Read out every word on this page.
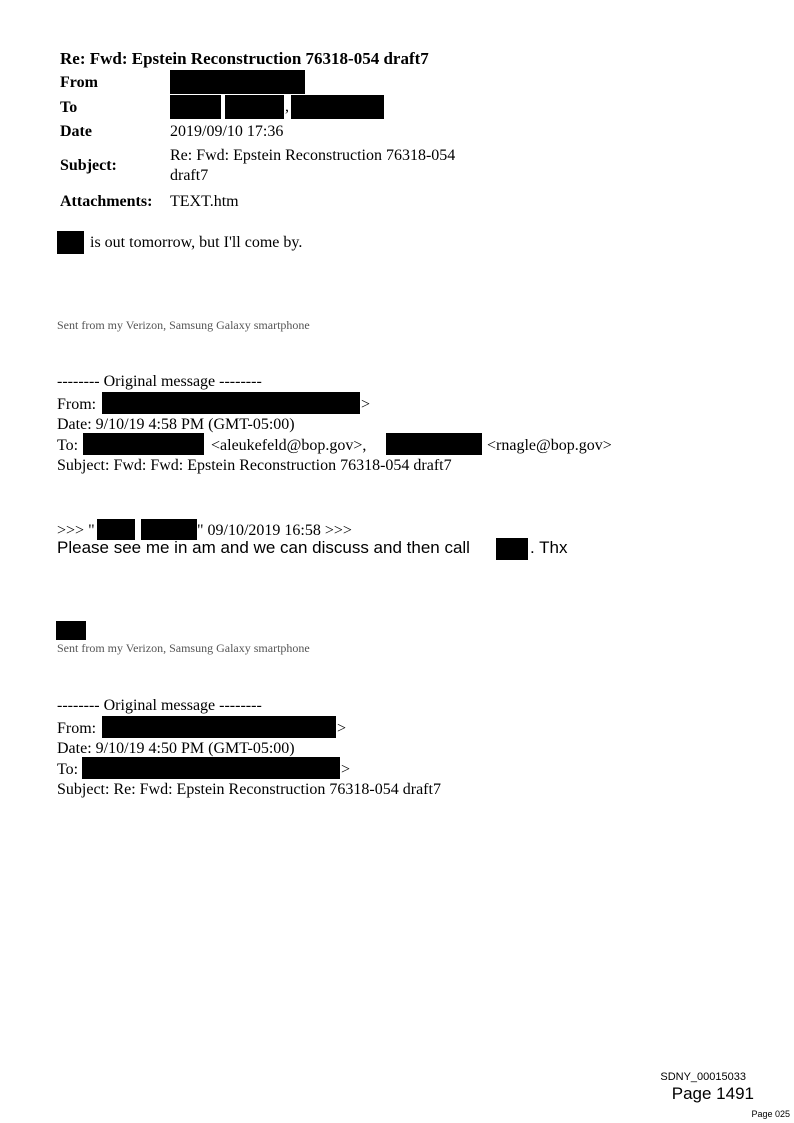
Re: Fwd: Epstein Reconstruction 76318-054 draft7
From
To	,
Date	2019/09/10 17:36
Subject:
Re: Fwd: Epstein Reconstruction 76318-054
draft7
Attachments: TEXT.htm
is out tomorrow, but I'll come by.
Sent from my Verizon, Samsung Galaxy smartphone
-------- Original message --------
From:	>
Date: 9/10/19 4:58 PM (GMT-05:00)
To:	<aleukefeld@bop.gov>,	<rnagle@bop.gov>
Subject: Fwd: Fwd: Epstein Reconstruction 76318-054 draft7
>>> "	" 09/10/2019 16:58 >>>
Please see me in am and we can discuss and then call	. Thx
Sent from my Verizon, Samsung Galaxy smartphone
-------- Original message --------
From:	>
Date: 9/10/19 4:50 PM (GMT-05:00)
To:	>
Subject: Re: Fwd: Epstein Reconstruction 76318-054 draft7
SDNY_00015033
Page 1491
Page 025
